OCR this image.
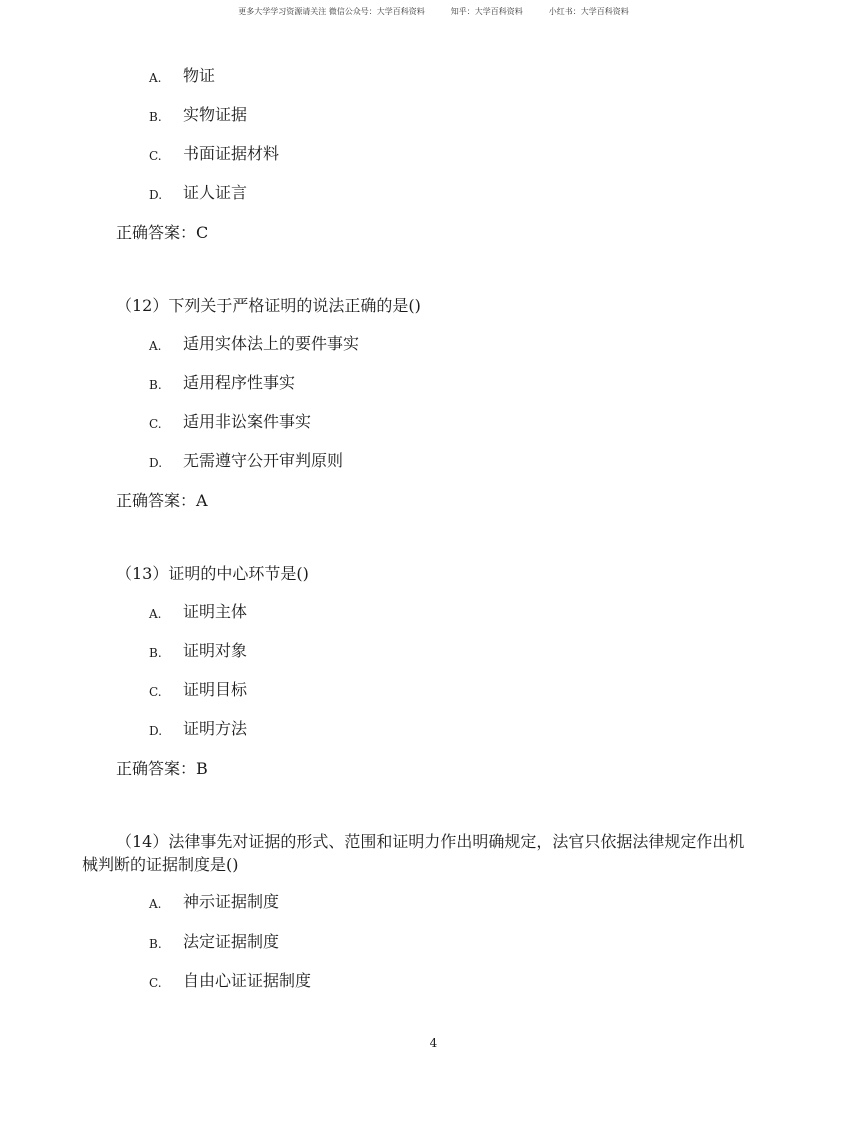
更多大学学习资源请关注 微信公众号：大学百科资料	知乎：大学百科资料	小红书：大学百科资料
A. 物证
B. 实物证据
C. 书面证据材料
D. 证人证言
正确答案：C
（12）下列关于严格证明的说法正确的是()
A. 适用实体法上的要件事实
B. 适用程序性事实
C. 适用非讼案件事实
D. 无需遵守公开审判原则
正确答案：A
（13）证明的中心环节是()
A. 证明主体
B. 证明对象
C. 证明目标
D. 证明方法
正确答案：B
（14）法律事先对证据的形式、范围和证明力作出明确规定，法官只依据法律规定作出机
械判断的证据制度是()
A. 神示证据制度
B. 法定证据制度
C. 自由心证证据制度
4
